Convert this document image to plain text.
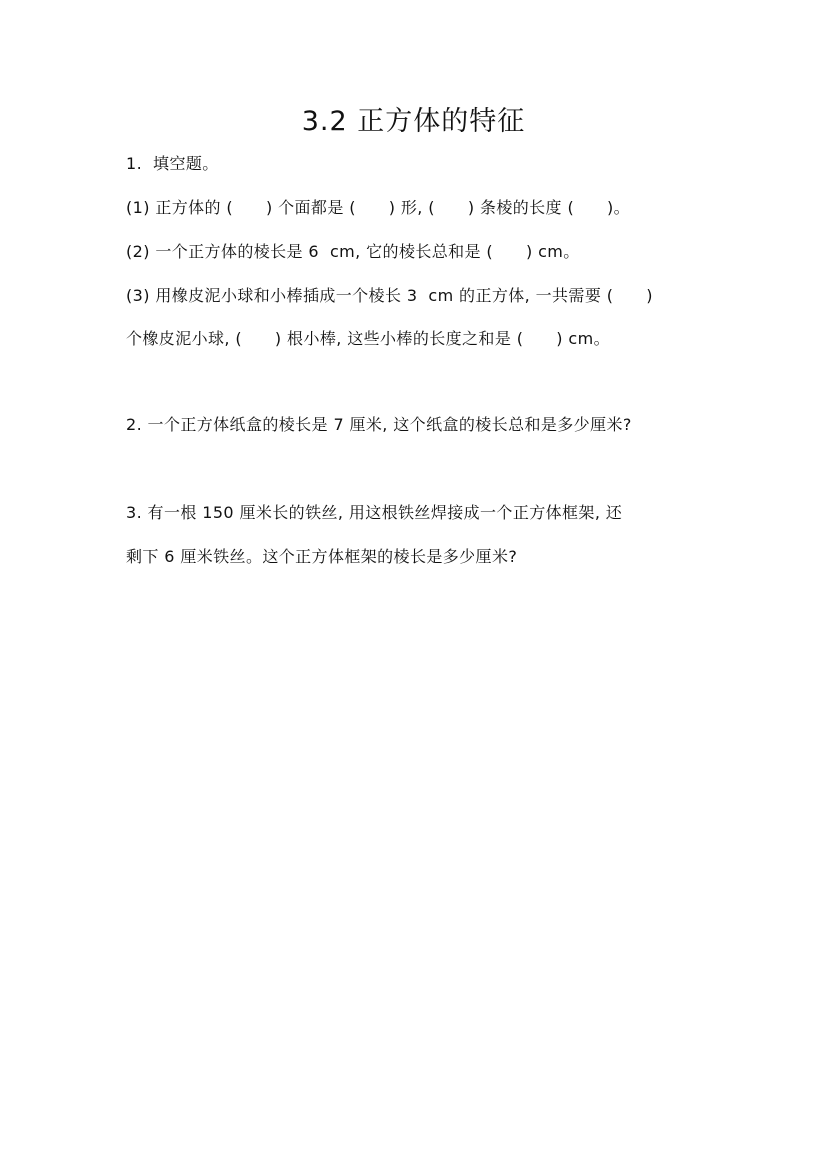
3.2 正方体的特征
1.  填空题。
(1) 正方体的 (      ) 个面都是 (      ) 形, (      ) 条棱的长度 (      )。
(2) 一个正方体的棱长是 6  cm, 它的棱长总和是 (      ) cm。
(3) 用橡皮泥小球和小棒插成一个棱长 3  cm 的正方体, 一共需要 (      )
个橡皮泥小球, (      ) 根小棒, 这些小棒的长度之和是 (      ) cm。
2. 一个正方体纸盒的棱长是 7 厘米, 这个纸盒的棱长总和是多少厘米?
3. 有一根 150 厘米长的铁丝, 用这根铁丝焊接成一个正方体框架, 还
剩下 6 厘米铁丝。这个正方体框架的棱长是多少厘米?
